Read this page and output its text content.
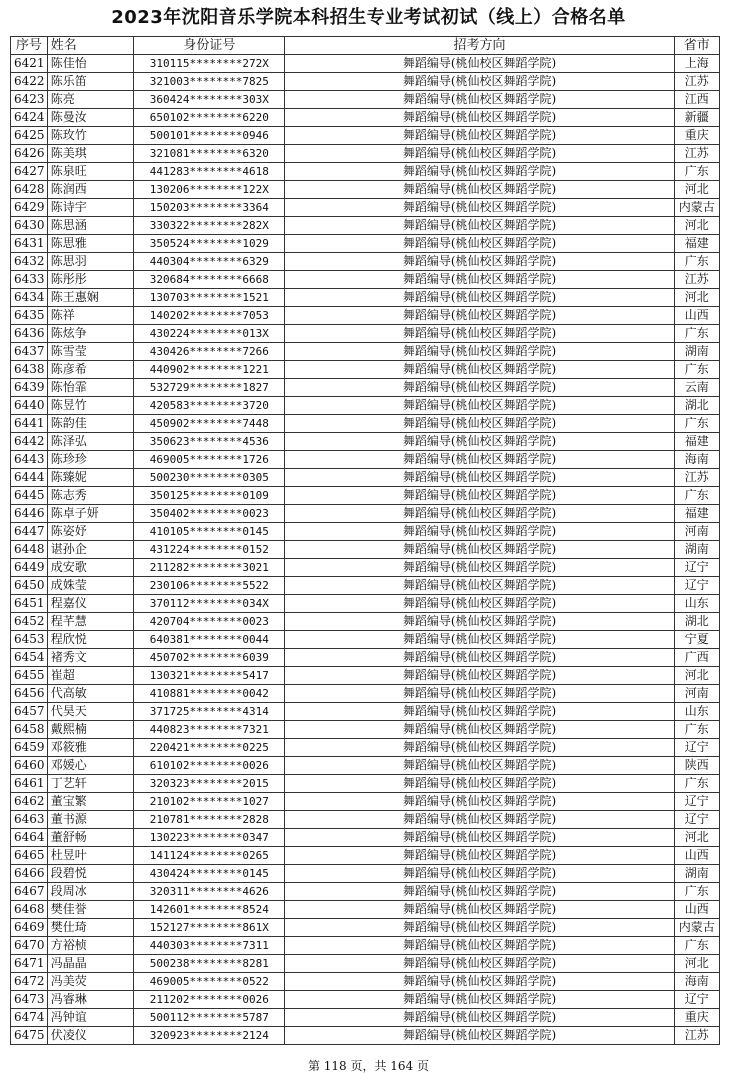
2023年沈阳音乐学院本科招生专业考试初试（线上）合格名单
序号	姓名	身份证号	招考方向	省市
6421	陈佳怡	310115********272X	舞蹈编导(桃仙校区舞蹈学院)	上海
6422	陈乐笛	321003********7825	舞蹈编导(桃仙校区舞蹈学院)	江苏
6423	陈亮	360424********303X	舞蹈编导(桃仙校区舞蹈学院)	江西
6424	陈曼汝	650102********6220	舞蹈编导(桃仙校区舞蹈学院)	新疆
6425	陈玫竹	500101********0946	舞蹈编导(桃仙校区舞蹈学院)	重庆
6426	陈美琪	321081********6320	舞蹈编导(桃仙校区舞蹈学院)	江苏
6427	陈泉旺	441283********4618	舞蹈编导(桃仙校区舞蹈学院)	广东
6428	陈润西	130206********122X	舞蹈编导(桃仙校区舞蹈学院)	河北
6429	陈诗宇	150203********3364	舞蹈编导(桃仙校区舞蹈学院)	内蒙古
6430	陈思涵	330322********282X	舞蹈编导(桃仙校区舞蹈学院)	河北
6431	陈思雅	350524********1029	舞蹈编导(桃仙校区舞蹈学院)	福建
6432	陈思羽	440304********6329	舞蹈编导(桃仙校区舞蹈学院)	广东
6433	陈彤彤	320684********6668	舞蹈编导(桃仙校区舞蹈学院)	江苏
6434	陈王惠娴	130703********1521	舞蹈编导(桃仙校区舞蹈学院)	河北
6435	陈祥	140202********7053	舞蹈编导(桃仙校区舞蹈学院)	山西
6436	陈炫争	430224********013X	舞蹈编导(桃仙校区舞蹈学院)	广东
6437	陈雪莹	430426********7266	舞蹈编导(桃仙校区舞蹈学院)	湖南
6438	陈彦希	440902********1221	舞蹈编导(桃仙校区舞蹈学院)	广东
6439	陈怡霏	532729********1827	舞蹈编导(桃仙校区舞蹈学院)	云南
6440	陈昱竹	420583********3720	舞蹈编导(桃仙校区舞蹈学院)	湖北
6441	陈韵佳	450902********7448	舞蹈编导(桃仙校区舞蹈学院)	广东
6442	陈泽弘	350623********4536	舞蹈编导(桃仙校区舞蹈学院)	福建
6443	陈珍珍	469005********1726	舞蹈编导(桃仙校区舞蹈学院)	海南
6444	陈臻妮	500230********0305	舞蹈编导(桃仙校区舞蹈学院)	江苏
6445	陈志秀	350125********0109	舞蹈编导(桃仙校区舞蹈学院)	广东
6446	陈卓子妍	350402********0023	舞蹈编导(桃仙校区舞蹈学院)	福建
6447	陈姿妤	410105********0145	舞蹈编导(桃仙校区舞蹈学院)	河南
6448	谌孙企	431224********0152	舞蹈编导(桃仙校区舞蹈学院)	湖南
6449	成安歌	211282********3021	舞蹈编导(桃仙校区舞蹈学院)	辽宁
6450	成姝莹	230106********5522	舞蹈编导(桃仙校区舞蹈学院)	辽宁
6451	程嘉仪	370112********034X	舞蹈编导(桃仙校区舞蹈学院)	山东
6452	程芊慧	420704********0023	舞蹈编导(桃仙校区舞蹈学院)	湖北
6453	程欣悦	640381********0044	舞蹈编导(桃仙校区舞蹈学院)	宁夏
6454	褚秀文	450702********6039	舞蹈编导(桃仙校区舞蹈学院)	广西
6455	崔超	130321********5417	舞蹈编导(桃仙校区舞蹈学院)	河北
6456	代高敏	410881********0042	舞蹈编导(桃仙校区舞蹈学院)	河南
6457	代昊天	371725********4314	舞蹈编导(桃仙校区舞蹈学院)	山东
6458	戴熙楠	440823********7321	舞蹈编导(桃仙校区舞蹈学院)	广东
6459	邓筱雅	220421********0225	舞蹈编导(桃仙校区舞蹈学院)	辽宁
6460	邓媛心	610102********0026	舞蹈编导(桃仙校区舞蹈学院)	陕西
6461	丁艺轩	320323********2015	舞蹈编导(桃仙校区舞蹈学院)	广东
6462	董宝繁	210102********1027	舞蹈编导(桃仙校区舞蹈学院)	辽宁
6463	董书源	210781********2828	舞蹈编导(桃仙校区舞蹈学院)	辽宁
6464	董舒畅	130223********0347	舞蹈编导(桃仙校区舞蹈学院)	河北
6465	杜昱叶	141124********0265	舞蹈编导(桃仙校区舞蹈学院)	山西
6466	段碧悦	430424********0145	舞蹈编导(桃仙校区舞蹈学院)	湖南
6467	段周冰	320311********4626	舞蹈编导(桃仙校区舞蹈学院)	广东
6468	樊佳誉	142601********8524	舞蹈编导(桃仙校区舞蹈学院)	山西
6469	樊仕琦	152127********861X	舞蹈编导(桃仙校区舞蹈学院)	内蒙古
6470	方裕桢	440303********7311	舞蹈编导(桃仙校区舞蹈学院)	广东
6471	冯晶晶	500238********8281	舞蹈编导(桃仙校区舞蹈学院)	河北
6472	冯美荧	469005********0522	舞蹈编导(桃仙校区舞蹈学院)	海南
6473	冯睿琳	211202********0026	舞蹈编导(桃仙校区舞蹈学院)	辽宁
6474	冯钟谊	500112********5787	舞蹈编导(桃仙校区舞蹈学院)	重庆
6475	伏凌仪	320923********2124	舞蹈编导(桃仙校区舞蹈学院)	江苏
第 118 页，共 164 页
